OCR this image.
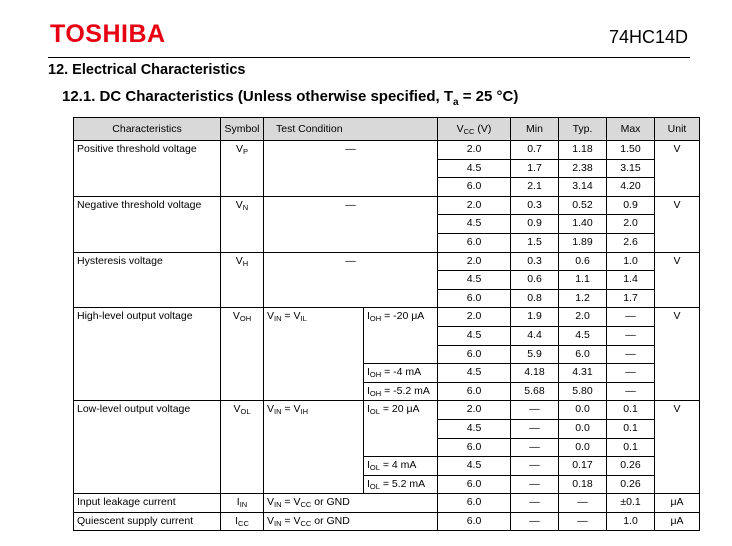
TOSHIBA	74HC14D
12. Electrical Characteristics
12.1. DC Characteristics (Unless otherwise specified, $T_a = 25$ °C)
Characteristics	Symbol	Test Condition		$V_{CC}$ (V)	Min	Typ.	Max	Unit
Positive threshold voltage	$V_P$	—		2.0	0.7	1.18	1.50	V
				4.5	1.7	2.38	3.15	
				6.0	2.1	3.14	4.20	
Negative threshold voltage	$V_N$	—		2.0	0.3	0.52	0.9	V
				4.5	0.9	1.40	2.0	
				6.0	1.5	1.89	2.6	
Hysteresis voltage	$V_H$	—		2.0	0.3	0.6	1.0	V
				4.5	0.6	1.1	1.4	
				6.0	0.8	1.2	1.7	
High-level output voltage	$V_{OH}$	$V_{IN} = V_{IL}$	$I_{OH} = -20$ μA	2.0	1.9	2.0	—	V
				4.5	4.4	4.5	—	
				6.0	5.9	6.0	—	
			$I_{OH} = -4$ mA	4.5	4.18	4.31	—	
			$I_{OH} = -5.2$ mA	6.0	5.68	5.80	—	
Low-level output voltage	$V_{OL}$	$V_{IN} = V_{IH}$	$I_{OL} = 20$ μA	2.0	—	0.0	0.1	V
				4.5	—	0.0	0.1	
				6.0	—	0.0	0.1	
			$I_{OL} = 4$ mA	4.5	—	0.17	0.26	
			$I_{OL} = 5.2$ mA	6.0	—	0.18	0.26	
Input leakage current	$I_{IN}$	$V_{IN} = V_{CC}$ or GND		6.0	—	—	±0.1	μA
Quiescent supply current	$I_{CC}$	$V_{IN} = V_{CC}$ or GND		6.0	—	—	1.0	μA
